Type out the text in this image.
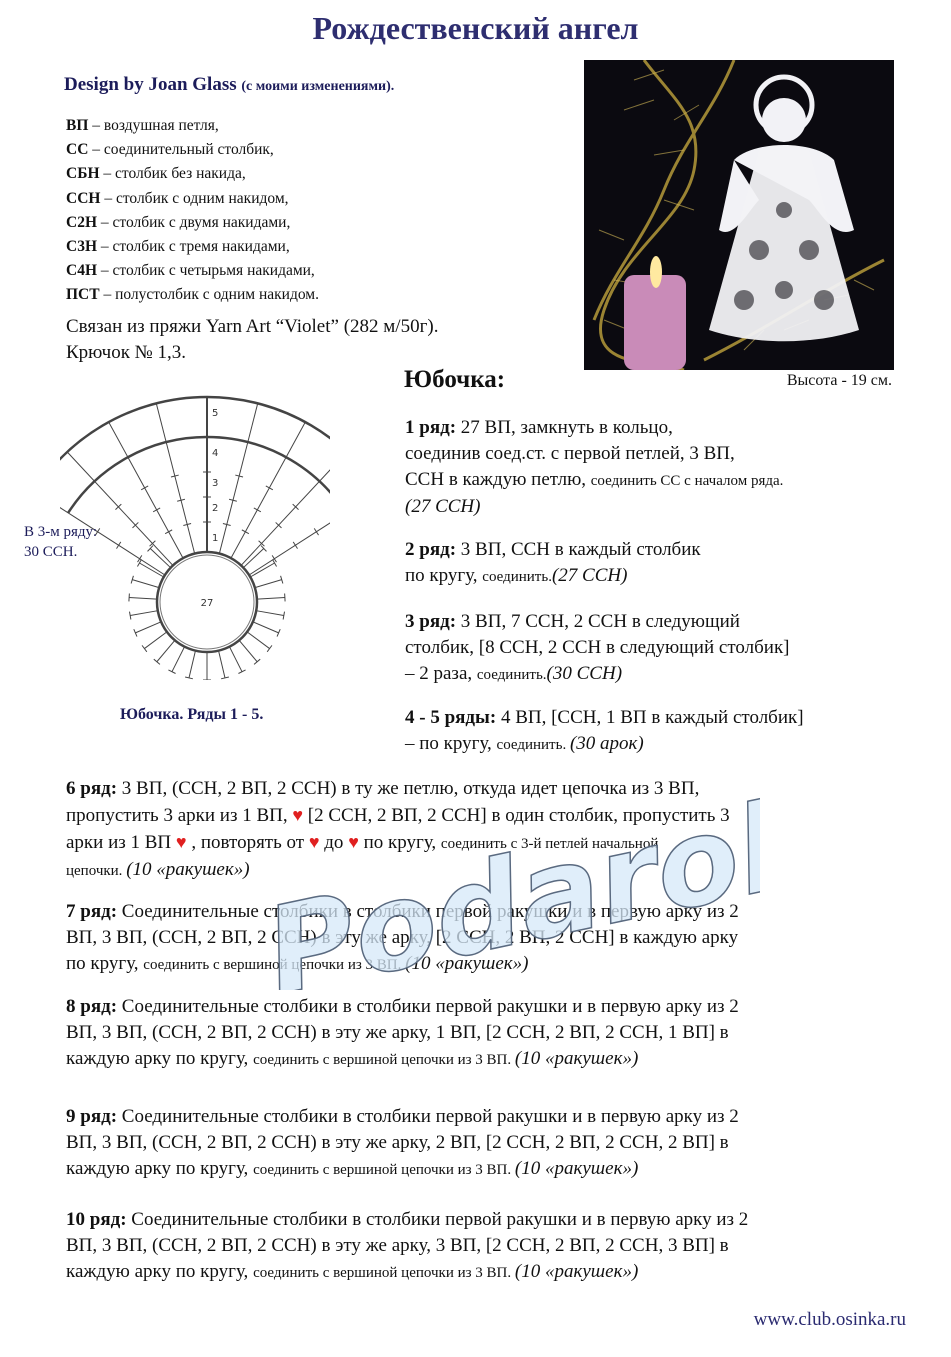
Рождественский ангел
Design by Joan Glass (с моими изменениями).
ВП – воздушная петля,
СС – соединительный столбик,
СБН – столбик без накида,
ССН – столбик с одним накидом,
С2Н – столбик с двумя накидами,
С3Н – столбик с тремя накидами,
С4Н – столбик с четырьмя накидами,
ПСТ – полустолбик с одним накидом.
Связан из пряжи Yarn Art “Violet” (282 м/50г).
Крючок № 1,3.
Высота - 19 см.
27
1
2
3
4
5
В 3-м ряду:
30 ССН.
Юбочка. Ряды 1 - 5.
Юбочка:
1 ряд: 27 ВП, замкнуть в кольцо,
соединив соед.ст. с первой петлей, 3 ВП,
ССН в каждую петлю, соединить СС с началом ряда.
(27 ССН)
2 ряд: 3 ВП, ССН в каждый столбик
по кругу, соединить.(27 ССН)
3 ряд: 3 ВП, 7 ССН, 2 ССН в следующий
столбик, [8 ССН, 2 ССН в следующий столбик]
– 2 раза, соединить.(30 ССН)
4 - 5 ряды: 4 ВП, [ССН, 1 ВП в каждый столбик]
– по кругу, соединить. (30 арок)
6 ряд: 3 ВП, (ССН, 2 ВП, 2 ССН) в ту же петлю, откуда идет цепочка из 3 ВП,
пропустить 3 арки из 1 ВП, ♥ [2 ССН, 2 ВП, 2 ССН] в один столбик, пропустить 3
арки из 1 ВП ♥ , повторять от ♥ до ♥ по кругу, соединить с 3-й петлей начальной
цепочки. (10 «ракушек»)
7 ряд: Соединительные столбики в столбики первой ракушки и в первую арку из 2
ВП, 3 ВП, (ССН, 2 ВП, 2 ССН) в эту же арку, [2 ССН, 2 ВП, 2 ССН] в каждую арку
по кругу, соединить с вершиной цепочки из 3 ВП. (10 «ракушек»)
8 ряд: Соединительные столбики в столбики первой ракушки и в первую арку из 2
ВП, 3 ВП, (ССН, 2 ВП, 2 ССН) в эту же арку, 1 ВП, [2 ССН, 2 ВП, 2 ССН, 1 ВП] в
каждую арку по кругу, соединить с вершиной цепочки из 3 ВП. (10 «ракушек»)
9 ряд: Соединительные столбики в столбики первой ракушки и в первую арку из 2
ВП, 3 ВП, (ССН, 2 ВП, 2 ССН) в эту же арку, 2 ВП, [2 ССН, 2 ВП, 2 ССН, 2 ВП] в
каждую арку по кругу, соединить с вершиной цепочки из 3 ВП. (10 «ракушек»)
10 ряд: Соединительные столбики в столбики первой ракушки и в первую арку из 2
ВП, 3 ВП, (ССН, 2 ВП, 2 ССН) в эту же арку, 3 ВП, [2 ССН, 2 ВП, 2 ССН, 3 ВП] в
каждую арку по кругу, соединить с вершиной цепочки из 3 ВП. (10 «ракушек»)
Podarok
www.club.osinka.ru
